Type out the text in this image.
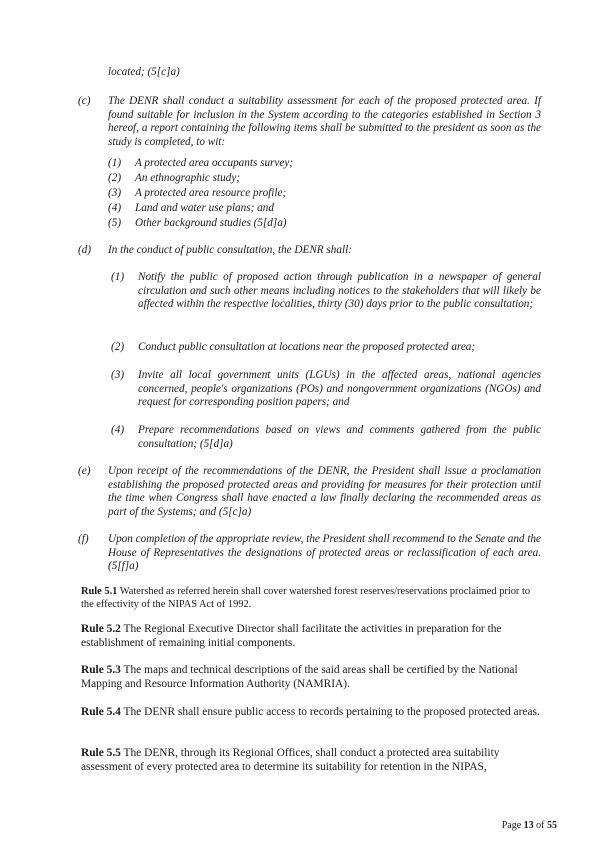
located; (5[c]a)

(c) The DENR shall conduct a suitability assessment for each of the proposed protected area. If found suitable for inclusion in the System according to the categories established in Section 3 hereof, a report containing the following items shall be submitted to the president as soon as the study is completed, to wit:
(1) A protected area occupants survey;
(2) An ethnographic study;
(3) A protected area resource profile;
(4) Land and water use plans; and
(5) Other background studies (5[d]a)
(d) In the conduct of public consultation, the DENR shall:
(1) Notify the public of proposed action through publication in a newspaper of general circulation and such other means including notices to the stakeholders that will likely be affected within the respective localities, thirty (30) days prior to the public consultation;
(2) Conduct public consultation at locations near the proposed protected area;
(3) Invite all local government units (LGUs) in the affected areas, national agencies concerned, people's organizations (POs) and nongovernment organizations (NGOs) and request for corresponding position papers; and
(4) Prepare recommendations based on views and comments gathered from the public consultation; (5[d]a)
(e) Upon receipt of the recommendations of the DENR, the President shall issue a proclamation establishing the proposed protected areas and providing for measures for their protection until the time when Congress shall have enacted a law finally declaring the recommended areas as part of the Systems; and (5[c]a)
(f) Upon completion of the appropriate review, the President shall recommend to the Senate and the House of Representatives the designations of protected areas or reclassification of each area. (5[f]a)

Rule 5.1 Watershed as referred herein shall cover watershed forest reserves/reservations proclaimed prior to the effectivity of the NIPAS Act of 1992.

Rule 5.2 The Regional Executive Director shall facilitate the activities in preparation for the establishment of remaining initial components.

Rule 5.3 The maps and technical descriptions of the said areas shall be certified by the National Mapping and Resource Information Authority (NAMRIA).

Rule 5.4 The DENR shall ensure public access to records pertaining to the proposed protected areas.

Rule 5.5 The DENR, through its Regional Offices, shall conduct a protected area suitability assessment of every protected area to determine its suitability for retention in the NIPAS,

Page 13 of 55
